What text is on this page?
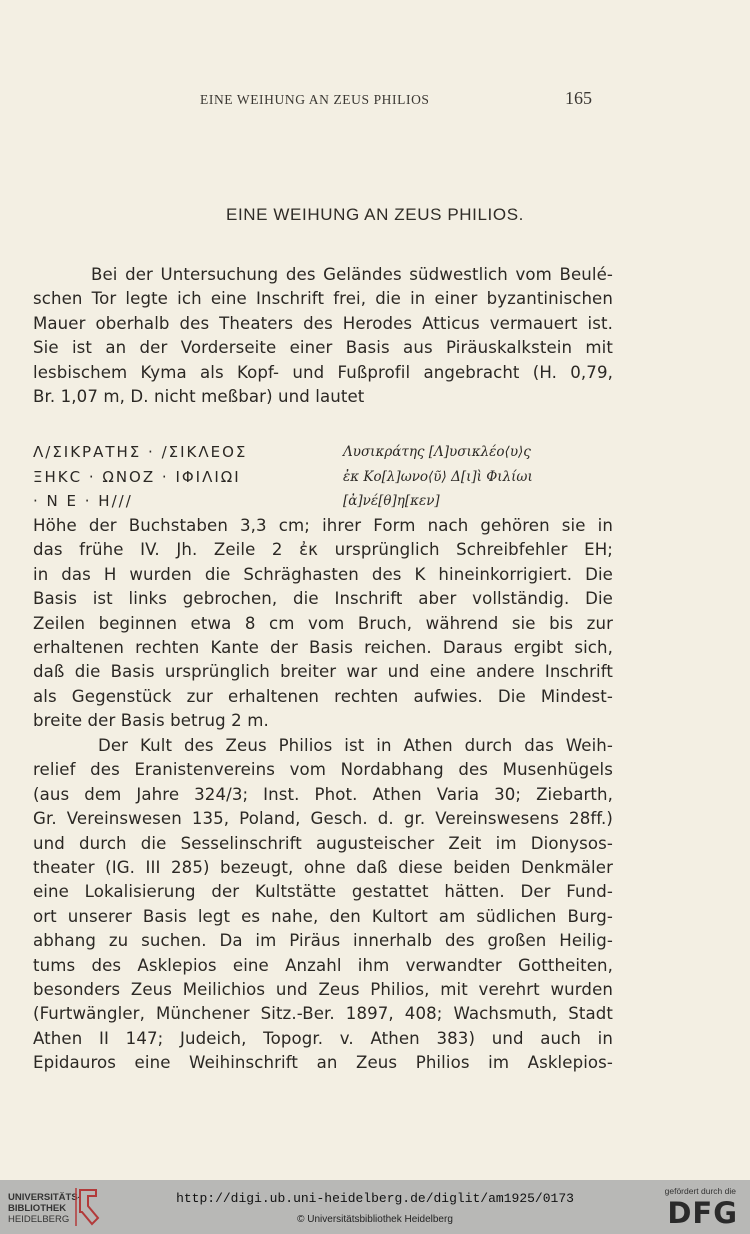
EINE WEIHUNG AN ZEUS PHILIOS	165
EINE WEIHUNG AN ZEUS PHILIOS.
Bei der Untersuchung des Geländes südwestlich vom Beulé-
schen Tor legte ich eine Inschrift frei, die in einer byzantinischen
Mauer oberhalb des Theaters des Herodes Atticus vermauert ist.
Sie ist an der Vorderseite einer Basis aus Piräuskalkstein mit
lesbischem Kyma als Kopf- und Fußprofil angebracht (H. 0,79,
Br. 1,07 m, D. nicht meßbar) und lautet
Λ/ΣΙΚΡΑΤΗΣ · /ΣΙΚΛΕΟΣ	Λυσικράτης [Λ]υσικλέο⟨υ⟩ς
ΞΗΚϹ · ΩΝΟΖ · ΙΦΙΛΙΩΙ	ἐκ Κο[λ]ωνο⟨ῦ⟩ Δ[ι]ὶ Φιλίωι
· Ν Ε · Η///	[ἀ]νέ[θ]η[κεν]
Höhe der Buchstaben 3,3 cm; ihrer Form nach gehören sie in
das frühe IV. Jh. Zeile 2 ἐκ ursprünglich Schreibfehler EH;
in das H wurden die Schräghasten des K hineinkorrigiert. Die
Basis ist links gebrochen, die Inschrift aber vollständig. Die
Zeilen beginnen etwa 8 cm vom Bruch, während sie bis zur
erhaltenen rechten Kante der Basis reichen. Daraus ergibt sich,
daß die Basis ursprünglich breiter war und eine andere Inschrift
als Gegenstück zur erhaltenen rechten aufwies. Die Mindest-
breite der Basis betrug 2 m.
Der Kult des Zeus Philios ist in Athen durch das Weih-
relief des Eranistenvereins vom Nordabhang des Musenhügels
(aus dem Jahre 324/3; Inst. Phot. Athen Varia 30; Ziebarth,
Gr. Vereinswesen 135, Poland, Gesch. d. gr. Vereinswesens 28ff.)
und durch die Sesselinschrift augusteischer Zeit im Dionysos-
theater (IG. III 285) bezeugt, ohne daß diese beiden Denkmäler
eine Lokalisierung der Kultstätte gestattet hätten. Der Fund-
ort unserer Basis legt es nahe, den Kultort am südlichen Burg-
abhang zu suchen. Da im Piräus innerhalb des großen Heilig-
tums des Asklepios eine Anzahl ihm verwandter Gottheiten,
besonders Zeus Meilichios und Zeus Philios, mit verehrt wurden
(Furtwängler, Münchener Sitz.-Ber. 1897, 408; Wachsmuth, Stadt
Athen II 147; Judeich, Topogr. v. Athen 383) und auch in
Epidauros eine Weihinschrift an Zeus Philios im Asklepios-
UNIVERSITÄTS-
BIBLIOTHEK
HEIDELBERG
http://digi.ub.uni-heidelberg.de/diglit/am1925/0173
© Universitätsbibliothek Heidelberg
gefördert durch die
DFG
